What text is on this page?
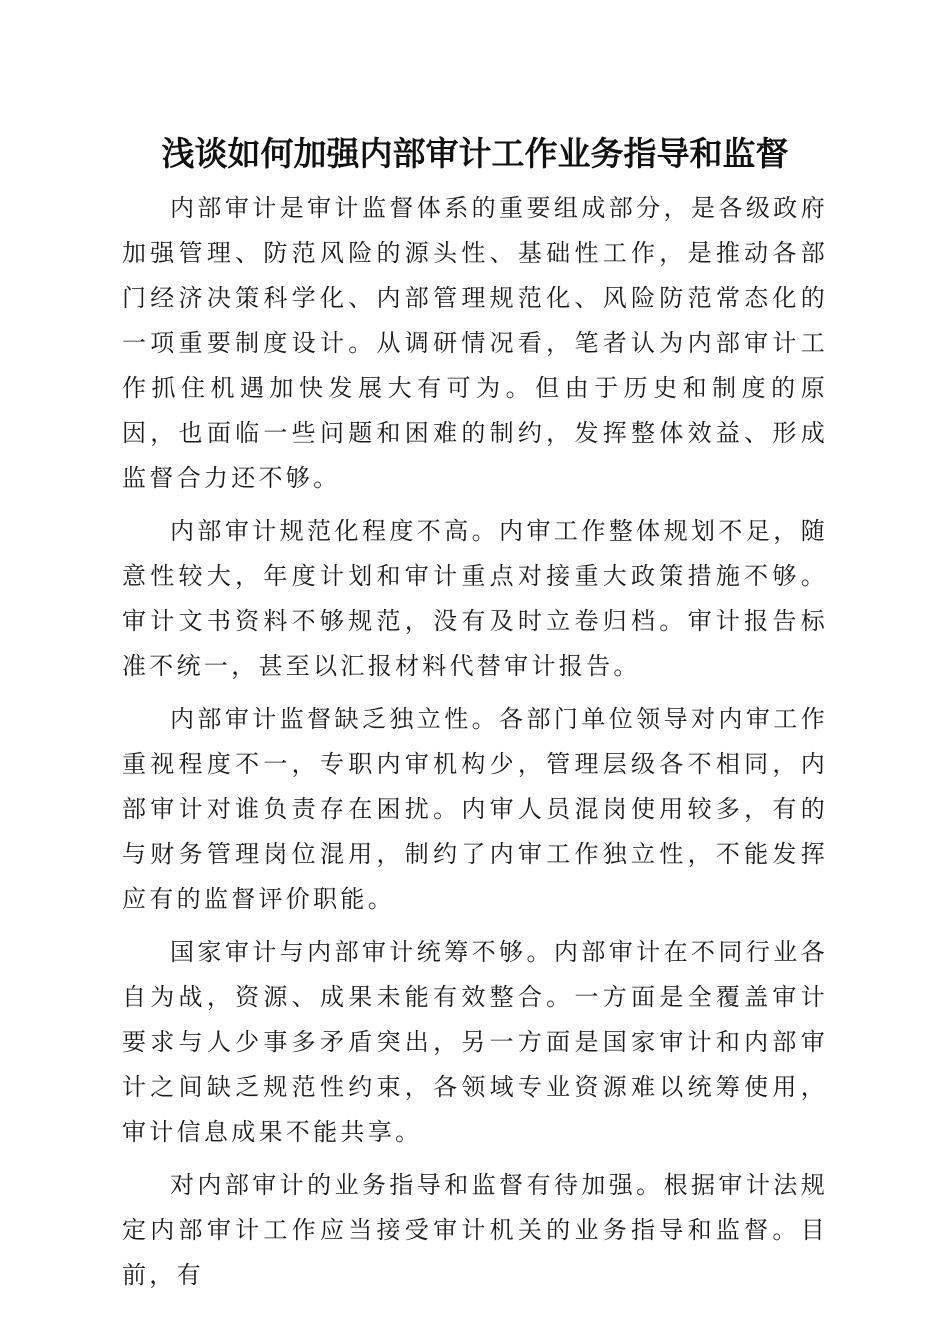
浅谈如何加强内部审计工作业务指导和监督

内部审计是审计监督体系的重要组成部分，是各级政府加强管理、防范风险的源头性、基础性工作，是推动各部门经济决策科学化、内部管理规范化、风险防范常态化的一项重要制度设计。从调研情况看，笔者认为内部审计工作抓住机遇加快发展大有可为。但由于历史和制度的原因，也面临一些问题和困难的制约，发挥整体效益、形成监督合力还不够。

内部审计规范化程度不高。内审工作整体规划不足，随意性较大，年度计划和审计重点对接重大政策措施不够。审计文书资料不够规范，没有及时立卷归档。审计报告标准不统一，甚至以汇报材料代替审计报告。

内部审计监督缺乏独立性。各部门单位领导对内审工作重视程度不一，专职内审机构少，管理层级各不相同，内部审计对谁负责存在困扰。内审人员混岗使用较多，有的与财务管理岗位混用，制约了内审工作独立性，不能发挥应有的监督评价职能。

国家审计与内部审计统筹不够。内部审计在不同行业各自为战，资源、成果未能有效整合。一方面是全覆盖审计要求与人少事多矛盾突出，另一方面是国家审计和内部审计之间缺乏规范性约束，各领域专业资源难以统筹使用，审计信息成果不能共享。

对内部审计的业务指导和监督有待加强。根据审计法规定内部审计工作应当接受审计机关的业务指导和监督。目前，有
